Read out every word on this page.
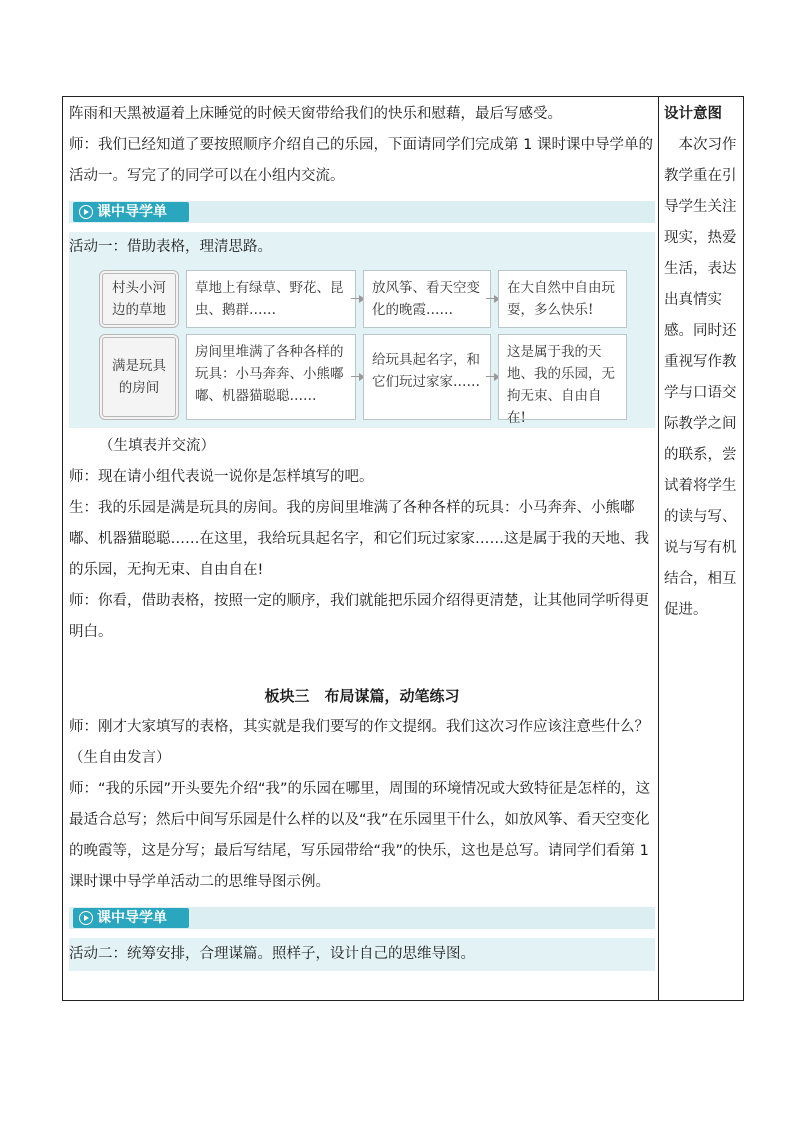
阵雨和天黑被逼着上床睡觉的时候天窗带给我们的快乐和慰藉，最后写感受。
师：我们已经知道了要按照顺序介绍自己的乐园，下面请同学们完成第 1 课时课中导学单的活动一。写完了的同学可以在小组内交流。
课中导学单
活动一：借助表格，理清思路。
村头小河边的草地
草地上有绿草、野花、昆虫、鹅群……
放风筝、看天空变化的晚霞……
在大自然中自由玩耍，多么快乐!
满是玩具的房间
房间里堆满了各种各样的玩具：小马奔奔、小熊嘟嘟、机器猫聪聪……
给玩具起名字，和它们玩过家家……
这是属于我的天地、我的乐园，无拘无束、自由自在!
（生填表并交流）
师：现在请小组代表说一说你是怎样填写的吧。
生：我的乐园是满是玩具的房间。我的房间里堆满了各种各样的玩具：小马奔奔、小熊嘟嘟、机器猫聪聪……在这里，我给玩具起名字，和它们玩过家家……这是属于我的天地、我的乐园，无拘无束、自由自在!
师：你看，借助表格，按照一定的顺序，我们就能把乐园介绍得更清楚，让其他同学听得更明白。
板块三　布局谋篇，动笔练习
师：刚才大家填写的表格，其实就是我们要写的作文提纲。我们这次习作应该注意些什么？（生自由发言）
师：“我的乐园”开头要先介绍“我”的乐园在哪里，周围的环境情况或大致特征是怎样的，这最适合总写；然后中间写乐园是什么样的以及“我”在乐园里干什么，如放风筝、看天空变化的晚霞等，这是分写；最后写结尾，写乐园带给“我”的快乐，这也是总写。请同学们看第 1 课时课中导学单活动二的思维导图示例。
课中导学单
活动二：统筹安排，合理谋篇。照样子，设计自己的思维导图。
设计意图
　本次习作教学重在引导学生关注现实，热爱生活，表达出真情实感。同时还重视写作教学与口语交际教学之间的联系，尝试着将学生的读与写、说与写有机结合，相互促进。
